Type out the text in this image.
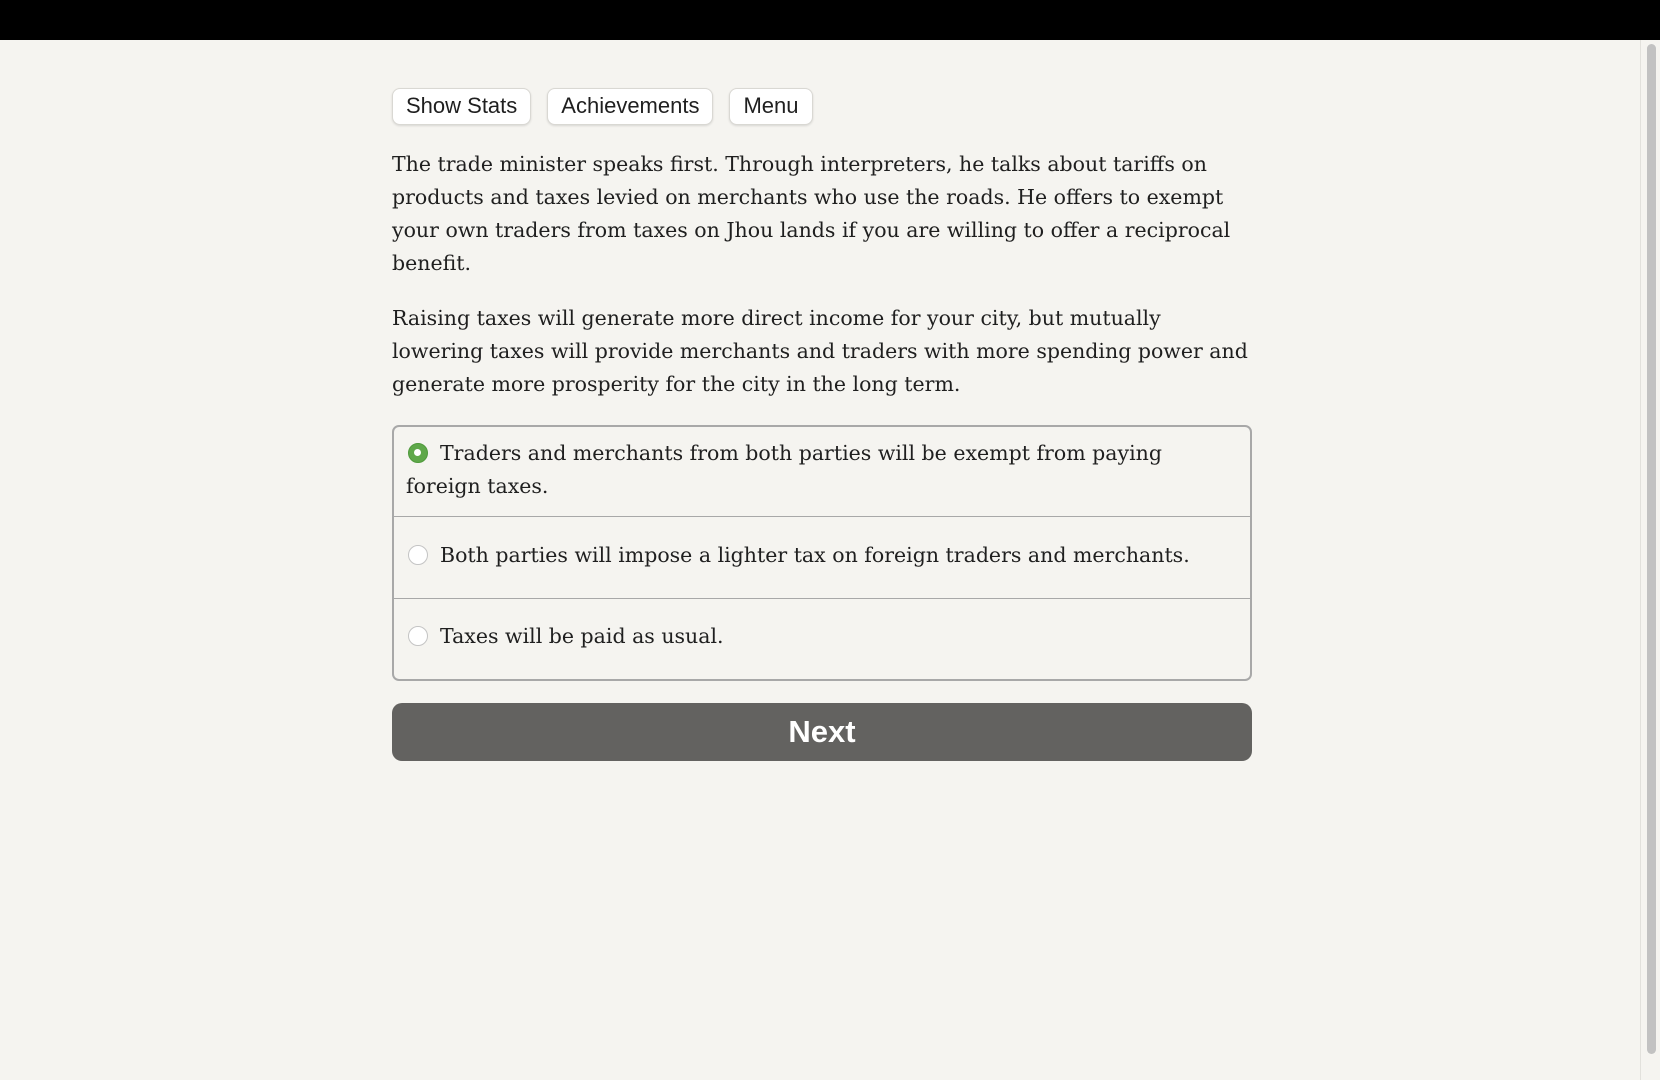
Show Stats	Achievements	Menu

The trade minister speaks first. Through interpreters, he talks about tariffs on products and taxes levied on merchants who use the roads. He offers to exempt your own traders from taxes on Jhou lands if you are willing to offer a reciprocal benefit.

Raising taxes will generate more direct income for your city, but mutually lowering taxes will provide merchants and traders with more spending power and generate more prosperity for the city in the long term.

Traders and merchants from both parties will be exempt from paying foreign taxes.
Both parties will impose a lighter tax on foreign traders and merchants.
Taxes will be paid as usual.
Next
